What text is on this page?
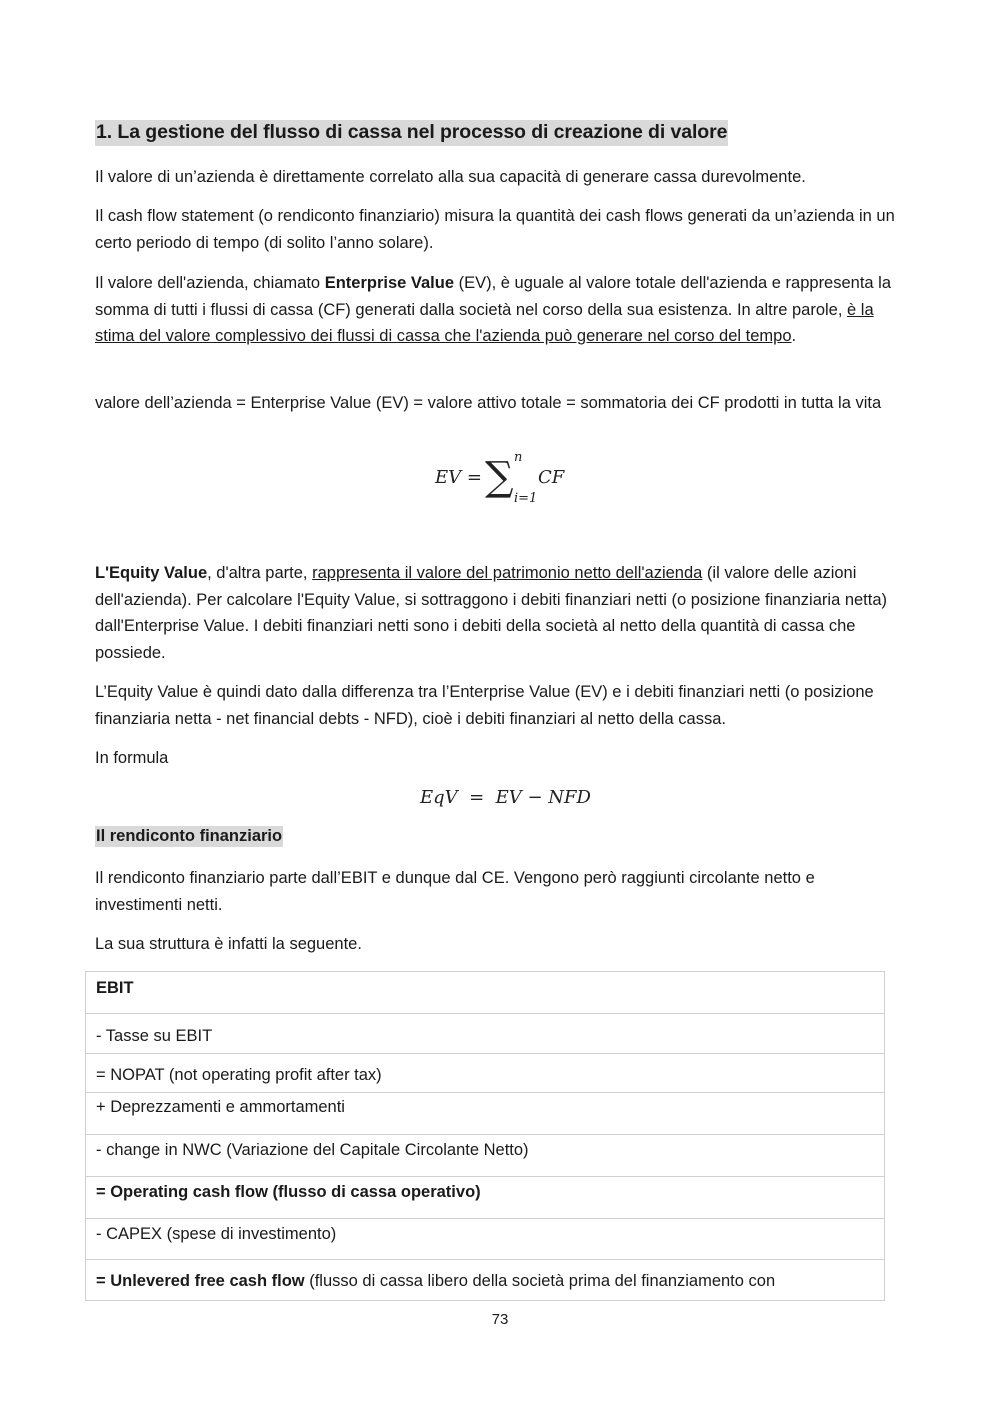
1. La gestione del flusso di cassa nel processo di creazione di valore

Il valore di un’azienda è direttamente correlato alla sua capacità di generare cassa durevolmente.

Il cash flow statement (o rendiconto finanziario) misura la quantità dei cash flows generati da un’azienda in un certo periodo di tempo (di solito l’anno solare).

Il valore dell'azienda, chiamato Enterprise Value (EV), è uguale al valore totale dell'azienda e rappresenta la somma di tutti i flussi di cassa (CF) generati dalla società nel corso della sua esistenza. In altre parole, è la stima del valore complessivo dei flussi di cassa che l'azienda può generare nel corso del tempo.

valore dell’azienda = Enterprise Value (EV) = valore attivo totale = sommatoria dei CF prodotti in tutta la vita

EV = ∑ n
i=1
CF

L'Equity Value, d'altra parte, rappresenta il valore del patrimonio netto dell'azienda (il valore delle azioni dell'azienda). Per calcolare l'Equity Value, si sottraggono i debiti finanziari netti (o posizione finanziaria netta) dall'Enterprise Value. I debiti finanziari netti sono i debiti della società al netto della quantità di cassa che possiede.

L’Equity Value è quindi dato dalla differenza tra l’Enterprise Value (EV) e i debiti finanziari netti (o posizione finanziaria netta - net financial debts - NFD), cioè i debiti finanziari al netto della cassa.

In formula

EqV  =  EV − NFD
Il rendiconto finanziario

Il rendiconto finanziario parte dall’EBIT e dunque dal CE. Vengono però raggiunti circolante netto e investimenti netti.

La sua struttura è infatti la seguente.

EBIT
- Tasse su EBIT
= NOPAT (not operating profit after tax)
+ Deprezzamenti e ammortamenti
- change in NWC (Variazione del Capitale Circolante Netto)
= Operating cash flow (flusso di cassa operativo)
- CAPEX (spese di investimento)
= Unlevered free cash flow (flusso di cassa libero della società prima del finanziamento con
73
